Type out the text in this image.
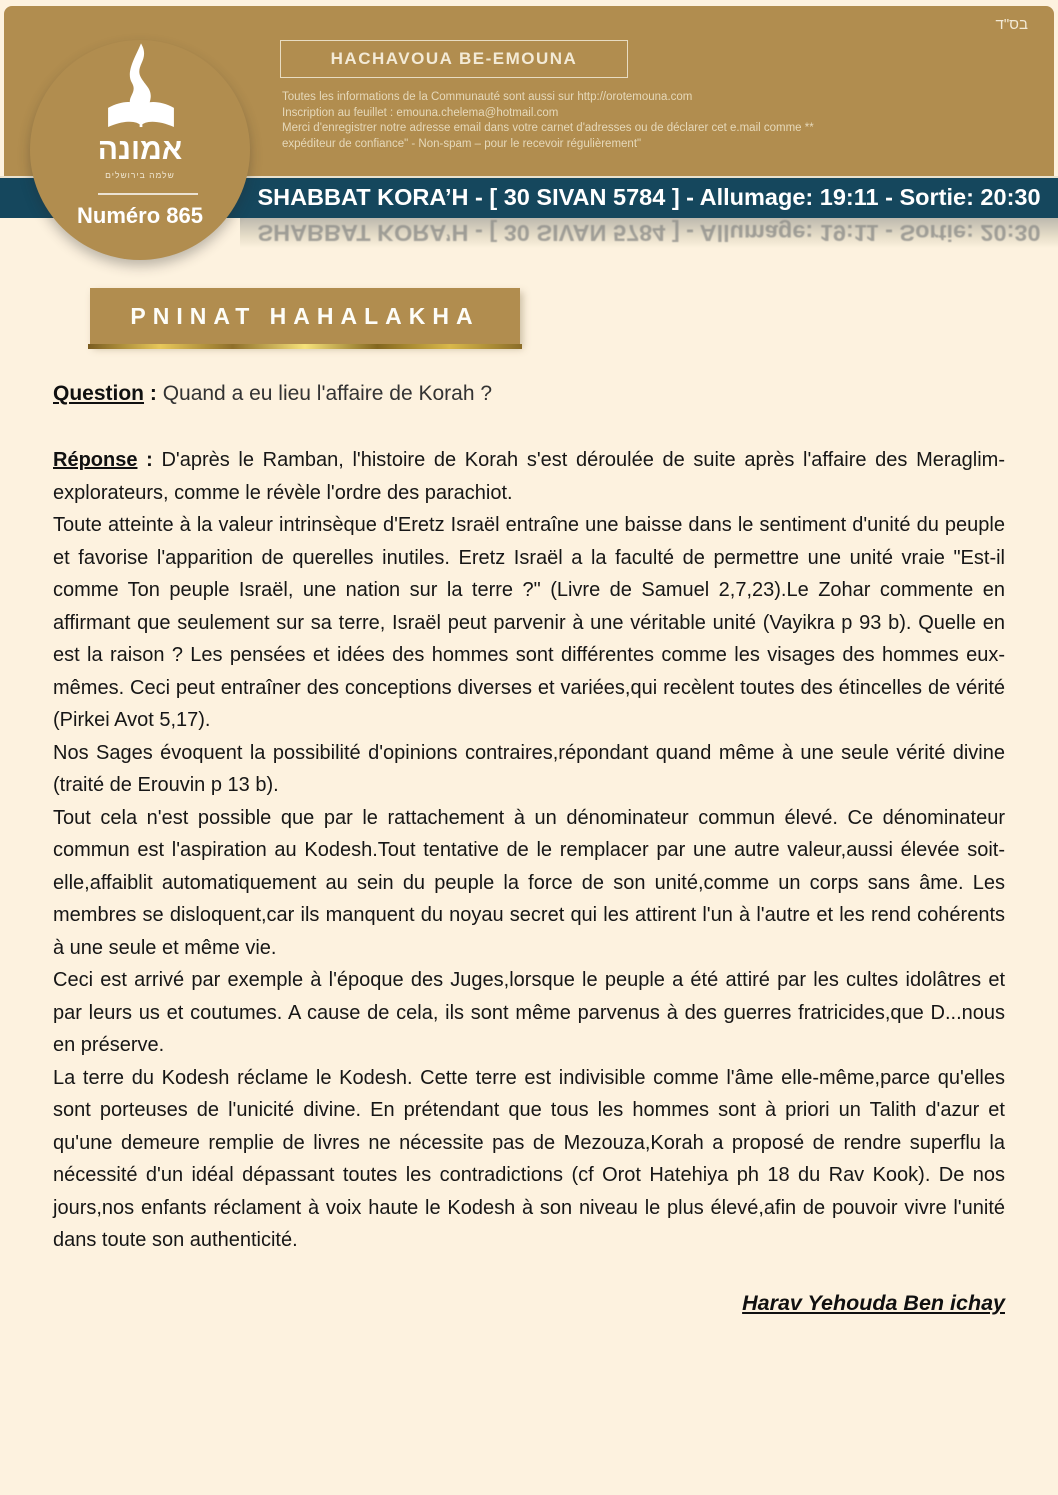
בס"ד
HACHAVOUA BE-EMOUNA
Toutes les informations de la Communauté sont aussi sur http://orotemouna.com
Inscription au feuillet : emouna.chelema@hotmail.com
Merci d'enregistrer notre adresse email dans votre carnet d'adresses ou de déclarer cet e.mail comme **
expéditeur de confiance" - Non-spam – pour le recevoir régulièrement"
SHABBAT KORA’H - [ 30 SIVAN 5784 ] - Allumage: 19:11 - Sortie: 20:30
SHABBAT KORA’H - [ 30 SIVAN 5784 ] - Allumage: 19:11 - Sortie: 20:30
אמונה
שלמה בירושלים
Numéro 865
PNINAT HAHALAKHA

Question : Quand a eu lieu l'affaire de Korah ?

Réponse : D'après le Ramban, l'histoire de Korah s'est déroulée de suite après l'affaire des Meraglim-explorateurs, comme le révèle l'ordre des parachiot.

Toute atteinte à la valeur intrinsèque d'Eretz Israël entraîne une baisse dans le sentiment d'unité du peuple et favorise l'apparition de querelles inutiles. Eretz Israël a la faculté de permettre une unité vraie "Est-il comme Ton peuple Israël, une nation sur la terre ?" (Livre de Samuel 2,7,23).Le Zohar commente en affirmant que seulement sur sa terre, Israël peut parvenir à une véritable unité (Vayikra p 93 b). Quelle en est la raison ? Les pensées et idées des hommes sont différentes comme les visages des hommes eux-mêmes. Ceci peut entraîner des conceptions diverses et variées,qui recèlent toutes des étincelles de vérité (Pirkei Avot 5,17).

Nos Sages évoquent la possibilité d'opinions contraires,répondant quand même à une seule vérité divine (traité de Erouvin p 13 b).

Tout cela n'est possible que par le rattachement à un dénominateur commun élevé. Ce dénominateur commun est l'aspiration au Kodesh.Tout tentative de le remplacer par une autre valeur,aussi élevée soit-elle,affaiblit automatiquement au sein du peuple la force de son unité,comme un corps sans âme. Les membres se disloquent,car ils manquent du noyau secret qui les attirent l'un à l'autre et les rend cohérents à une seule et même vie.

Ceci est arrivé par exemple à l'époque des Juges,lorsque le peuple a été attiré par les cultes idolâtres et par leurs us et coutumes. A cause de cela, ils sont même parvenus à des guerres fratricides,que D...nous en préserve.

La terre du Kodesh réclame le Kodesh. Cette terre est indivisible comme l'âme elle-même,parce qu'elles sont porteuses de l'unicité divine. En prétendant que tous les hommes sont à priori un Talith d'azur et qu'une demeure remplie de livres ne nécessite pas de Mezouza,Korah a proposé de rendre superflu la nécessité d'un idéal dépassant toutes les contradictions (cf Orot Hatehiya ph 18 du Rav Kook). De nos jours,nos enfants réclament à voix haute le Kodesh à son niveau le plus élevé,afin de pouvoir vivre l'unité dans toute son authenticité.

Harav Yehouda Ben ichay
